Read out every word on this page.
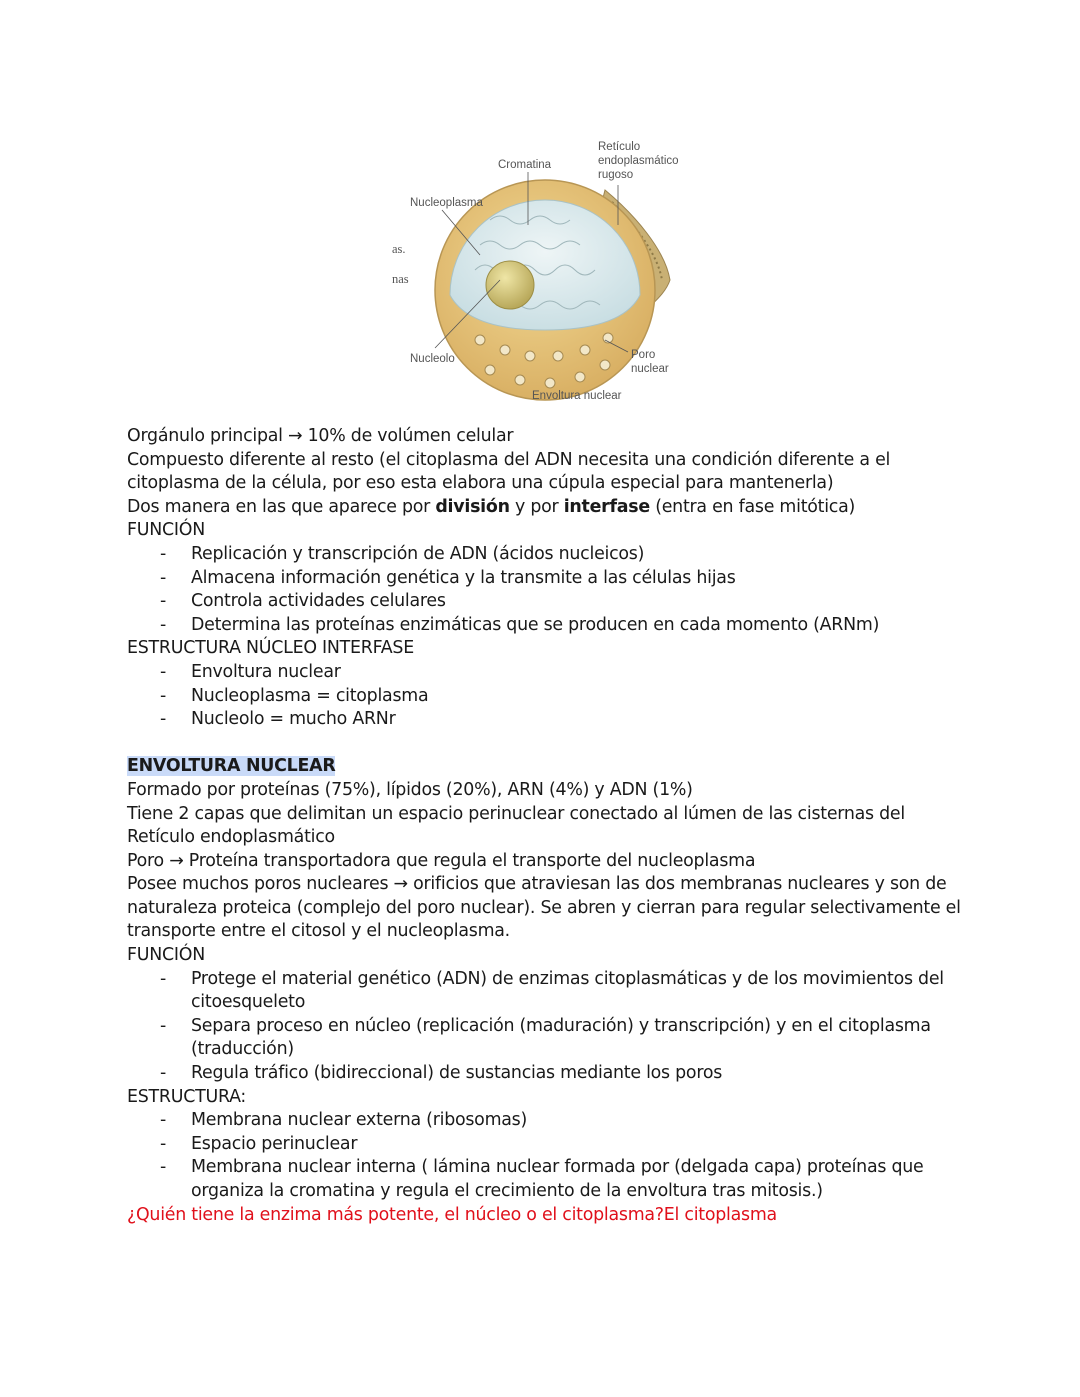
Cromatina
Retículo
endoplasmático
rugoso
Nucleoplasma
Nucleolo	Poro
nuclear
Envoltura nuclear
as.
nas

Orgánulo principal → 10% de volúmen celular

Compuesto diferente al resto (el citoplasma del ADN necesita una condición diferente a el citoplasma de la célula, por eso esta elabora una cúpula especial para mantenerla)

Dos manera en las que aparece por división y por interfase (entra en fase mitótica)

FUNCIÓN

- Replicación y transcripción de ADN (ácidos nucleicos)
- Almacena información genética y la transmite a las células hijas
- Controla actividades celulares
- Determina las proteínas enzimáticas que se producen en cada momento (ARNm)

ESTRUCTURA NÚCLEO INTERFASE

- Envoltura nuclear
- Nucleoplasma = citoplasma
- Nucleolo = mucho ARNr

ENVOLTURA NUCLEAR

Formado por proteínas (75%), lípidos (20%), ARN (4%) y ADN (1%)

Tiene 2 capas que delimitan un espacio perinuclear conectado al lúmen de las cisternas del Retículo endoplasmático

Poro → Proteína transportadora que regula el transporte del nucleoplasma

Posee muchos poros nucleares → orificios que atraviesan las dos membranas nucleares y son de naturaleza proteica (complejo del poro nuclear). Se abren y cierran para regular selectivamente el transporte entre el citosol y el nucleoplasma.

FUNCIÓN

- Protege el material genético (ADN) de enzimas citoplasmáticas y de los movimientos del citoesqueleto
- Separa proceso en núcleo (replicación (maduración) y transcripción) y en el citoplasma (traducción)
- Regula tráfico (bidireccional) de sustancias mediante los poros

ESTRUCTURA:

- Membrana nuclear externa (ribosomas)
- Espacio perinuclear
- Membrana nuclear interna ( lámina nuclear formada por (delgada capa) proteínas que organiza la cromatina y regula el crecimiento de la envoltura tras mitosis.)

¿Quién tiene la enzima más potente, el núcleo o el citoplasma?El citoplasma
